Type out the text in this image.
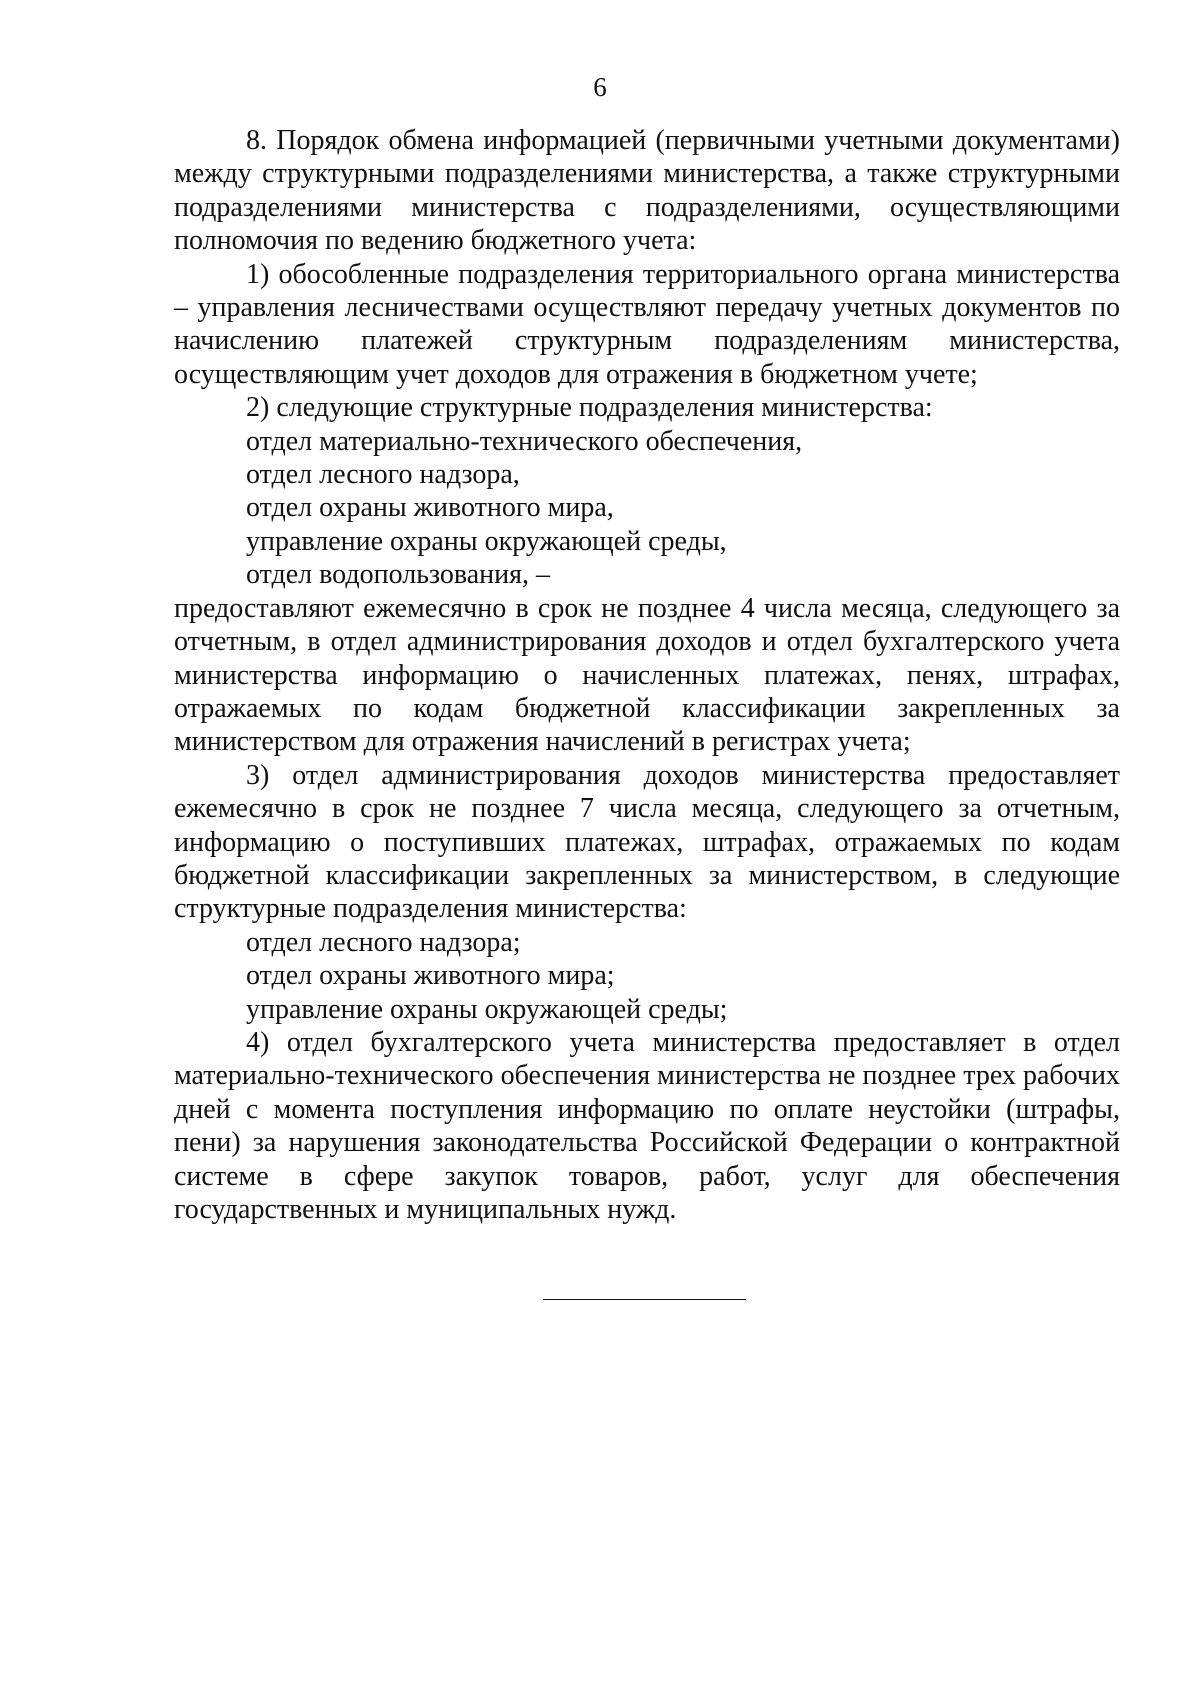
6

8. Порядок обмена информацией (первичными учетными документами) между структурными подразделениями министерства, а также структурными подразделениями министерства с подразделениями, осуществляющими полномочия по ведению бюджетного учета:

1) обособленные подразделения территориального органа министерства – управления лесничествами осуществляют передачу учетных документов по начислению платежей структурным подразделениям министерства, осуществляющим учет доходов для отражения в бюджетном учете;

2) следующие структурные подразделения министерства:

отдел материально-технического обеспечения,

отдел лесного надзора,

отдел охраны животного мира,

управление охраны окружающей среды,

отдел водопользования, –

предоставляют ежемесячно в срок не позднее 4 числа месяца, следующего за отчетным, в отдел администрирования доходов и отдел бухгалтерского учета министерства информацию о начисленных платежах, пенях, штрафах, отражаемых по кодам бюджетной классификации закрепленных за министерством для отражения начислений в регистрах учета;

3) отдел администрирования доходов министерства предоставляет ежемесячно в срок не позднее 7 числа месяца, следующего за отчетным, информацию о поступивших платежах, штрафах, отражаемых по кодам бюджетной классификации закрепленных за министерством, в следующие структурные подразделения министерства:

отдел лесного надзора;

отдел охраны животного мира;

управление охраны окружающей среды;

4) отдел бухгалтерского учета министерства предоставляет в отдел материально-технического обеспечения министерства не позднее трех рабочих дней с момента поступления информацию по оплате неустойки (штрафы, пени) за нарушения законодательства Российской Федерации о контрактной системе в сфере закупок товаров, работ, услуг для обеспечения государственных и муниципальных нужд.
